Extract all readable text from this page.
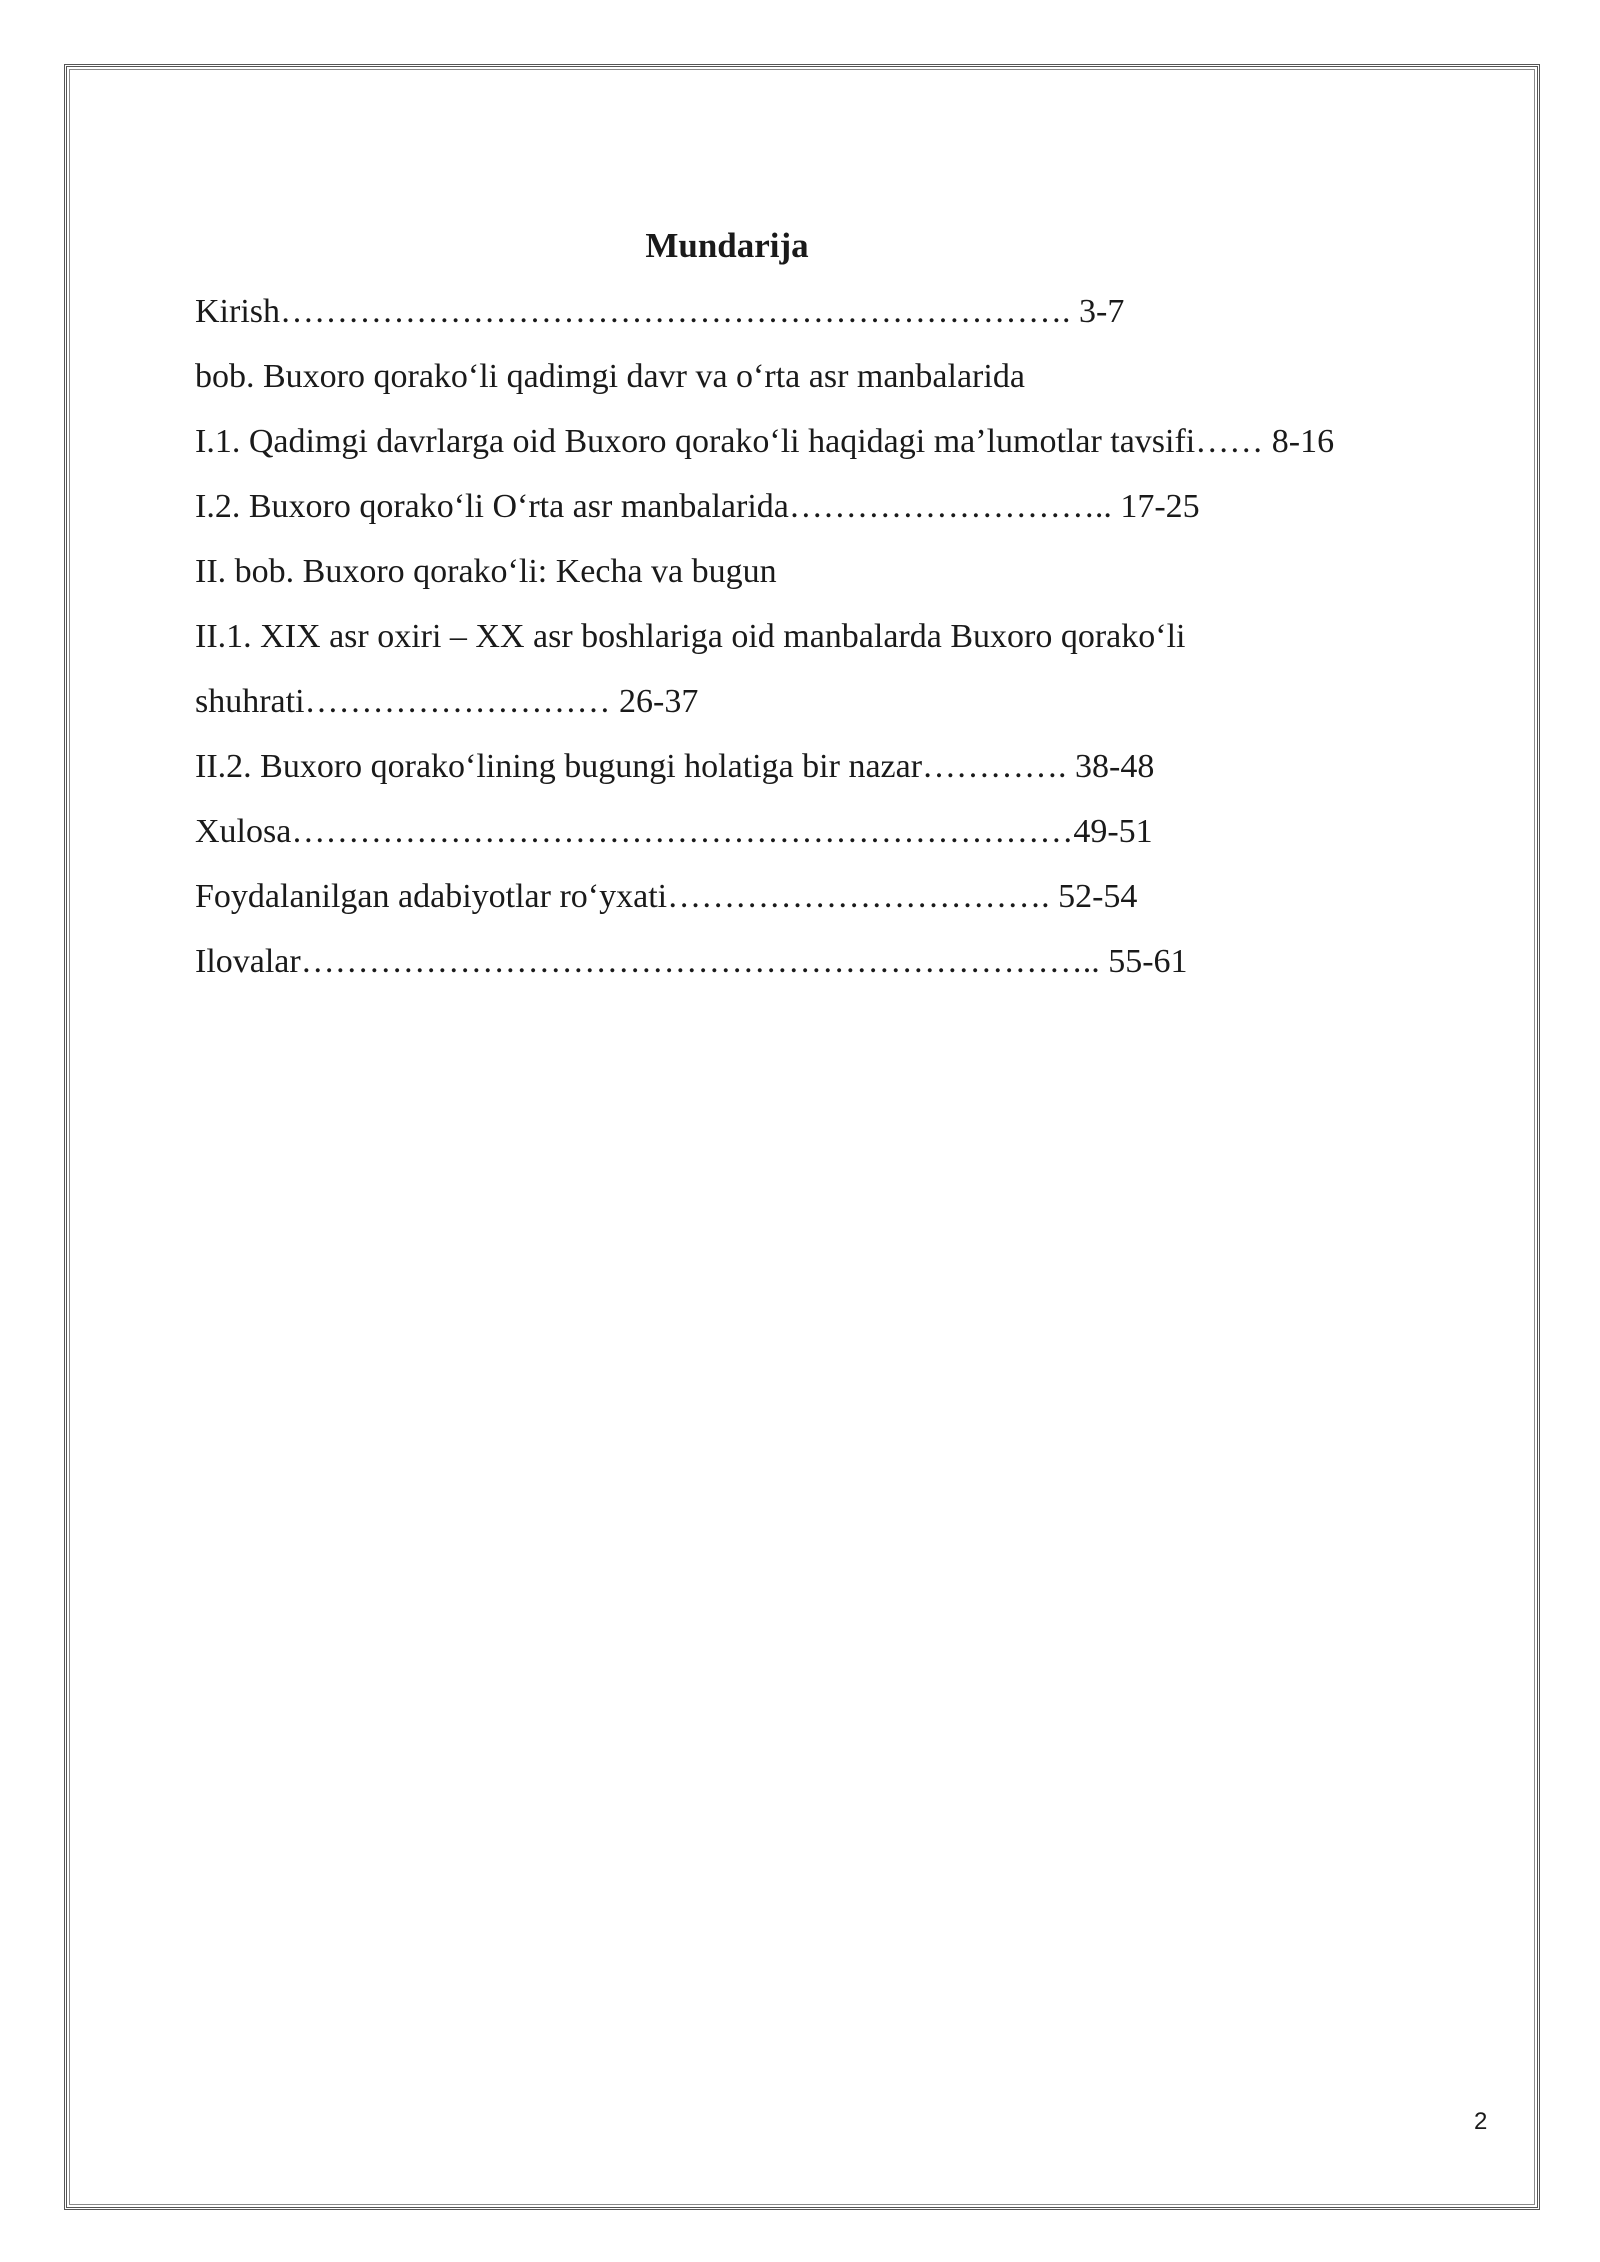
Mundarija
Kirish……………………………………………………………. 3-7
bob. Buxoro qorako‘li qadimgi davr va o‘rta asr manbalarida
I.1. Qadimgi davrlarga oid Buxoro qorako‘li haqidagi ma’lumotlar tavsifi…… 8-16
I.2. Buxoro qorako‘li O‘rta asr manbalarida……………………….. 17-25
II. bob. Buxoro qorako‘li: Kecha va bugun
II.1. XIX asr oxiri – XX asr boshlariga oid manbalarda Buxoro qorako‘li
shuhrati……………………… 26-37
II.2. Buxoro qorako‘lining bugungi holatiga bir nazar…………. 38-48
Xulosa……………………………………………………………49-51
Foydalanilgan adabiyotlar ro‘yxati……………………………. 52-54
Ilovalar…………………………………………………………….. 55-61
2
